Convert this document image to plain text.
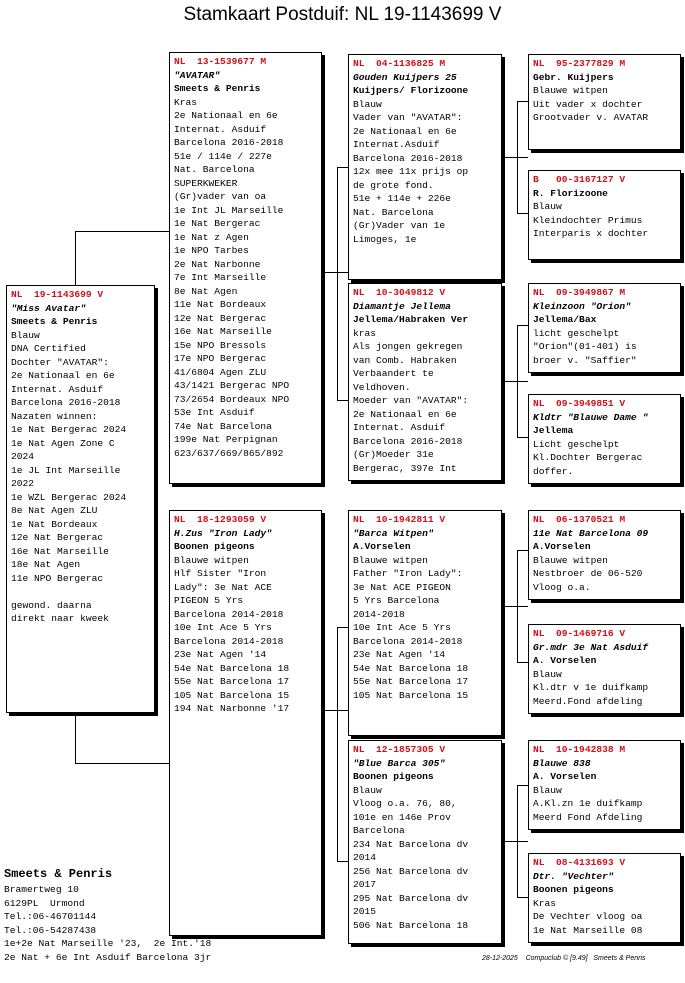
Stamkaart Postduif: NL 19-1143699 V
NL  19-1143699 V
"Miss Avatar"
Smeets & Penris
Blauw
DNA Certified
Dochter "AVATAR":
2e Nationaal en 6e
Internat. Asduif
Barcelona 2016-2018
Nazaten winnen:
1e Nat Bergerac 2024
1e Nat Agen Zone C
2024
1e JL Int Marseille
2022
1e WZL Bergerac 2024
8e Nat Agen ZLU
1e Nat Bordeaux
12e Nat Bergerac
16e Nat Marseille
18e Nat Agen
11e NPO Bergerac

gewond. daarna
direkt naar kweek
NL  13-1539677 M
"AVATAR"
Smeets & Penris
Kras
2e Nationaal en 6e
Internat. Asduif
Barcelona 2016-2018
51e / 114e / 227e
Nat. Barcelona
SUPERKWEKER
(Gr)vader van oa
1e Int JL Marseille
1e Nat Bergerac
1e Nat z Agen
1e NPO Tarbes
2e Nat Narbonne
7e Int Marseille
8e Nat Agen
11e Nat Bordeaux
12e Nat Bergerac
16e Nat Marseille
15e NPO Bressols
17e NPO Bergerac
41/6804 Agen ZLU
43/1421 Bergerac NPO
73/2654 Bordeaux NPO
53e Int Asduif
74e Nat Barcelona
199e Nat Perpignan
623/637/669/865/892
NL  18-1293059 V
H.Zus "Iron Lady"
Boonen pigeons
Blauwe witpen
Hlf Sister "Iron
Lady": 3e Nat ACE
PIGEON 5 Yrs
Barcelona 2014-2018
10e Int Ace 5 Yrs
Barcelona 2014-2018
23e Nat Agen '14
54e Nat Barcelona 18
55e Nat Barcelona 17
105 Nat Barcelona 15
194 Nat Narbonne '17
NL  04-1136825 M
Gouden Kuijpers 25
Kuijpers/ Florizoone
Blauw
Vader van "AVATAR":
2e Nationaal en 6e
Internat.Asduif
Barcelona 2016-2018
12x mee 11x prijs op
de grote fond.
51e + 114e + 226e
Nat. Barcelona
(Gr)Vader van 1e
Limoges, 1e
NL  10-3049812 V
Diamantje Jellema
Jellema/Habraken Ver
kras
Als jongen gekregen
van Comb. Habraken
Verbaandert te
Veldhoven.
Moeder van "AVATAR":
2e Nationaal en 6e
Internat. Asduif
Barcelona 2016-2018
(Gr)Moeder 31e
Bergerac, 397e Int
NL  10-1942811 V
"Barca Witpen"
A.Vorselen
Blauwe witpen
Father "Iron Lady":
3e Nat ACE PIGEON
5 Yrs Barcelona
2014-2018
10e Int Ace 5 Yrs
Barcelona 2014-2018
23e Nat Agen '14
54e Nat Barcelona 18
55e Nat Barcelona 17
105 Nat Barcelona 15
NL  12-1857305 V
"Blue Barca 305"
Boonen pigeons
Blauw
Vloog o.a. 76, 80,
101e en 146e Prov
Barcelona
234 Nat Barcelona dv
2014
256 Nat Barcelona dv
2017
295 Nat Barcelona dv
2015
506 Nat Barcelona 18
NL  95-2377829 M
Gebr. Kuijpers
Blauwe witpen
Uit vader x dochter
Grootvader v. AVATAR
B   00-3167127 V
R. Florizoone
Blauw
Kleindochter Primus
Interparis x dochter
NL  09-3949867 M
Kleinzoon "Orion"
Jellema/Bax
licht geschelpt
"Orion"(01-401) is
broer v. "Saffier"
NL  09-3949851 V
Kldtr "Blauwe Dame "
Jellema
Licht geschelpt
Kl.Dochter Bergerac
doffer.
NL  06-1370521 M
11e Nat Barcelona 09
A.Vorselen
Blauwe witpen
Nestbroer de 06-520
Vloog o.a.
NL  09-1469716 V
Gr.mdr 3e Nat Asduif
A. Vorselen
Blauw
Kl.dtr v 1e duifkamp
Meerd.Fond afdeling
NL  10-1942838 M
Blauwe 838
A. Vorselen
Blauw
A.Kl.zn 1e duifkamp
Meerd Fond Afdeling
NL  08-4131693 V
Dtr. "Vechter"
Boonen pigeons
Kras
De Vechter vloog oa
1e Nat Marseille 08
Smeets & Penris
Bramertweg 10
6129PL  Urmond
Tel.:06-46701144
Tel.:06-54287438
1e+2e Nat Marseille '23,  2e Int.'18
2e Nat + 6e Int Asduif Barcelona 3jr	28-12-2025    Compuclub © [9.49]   Smeets & Penris
